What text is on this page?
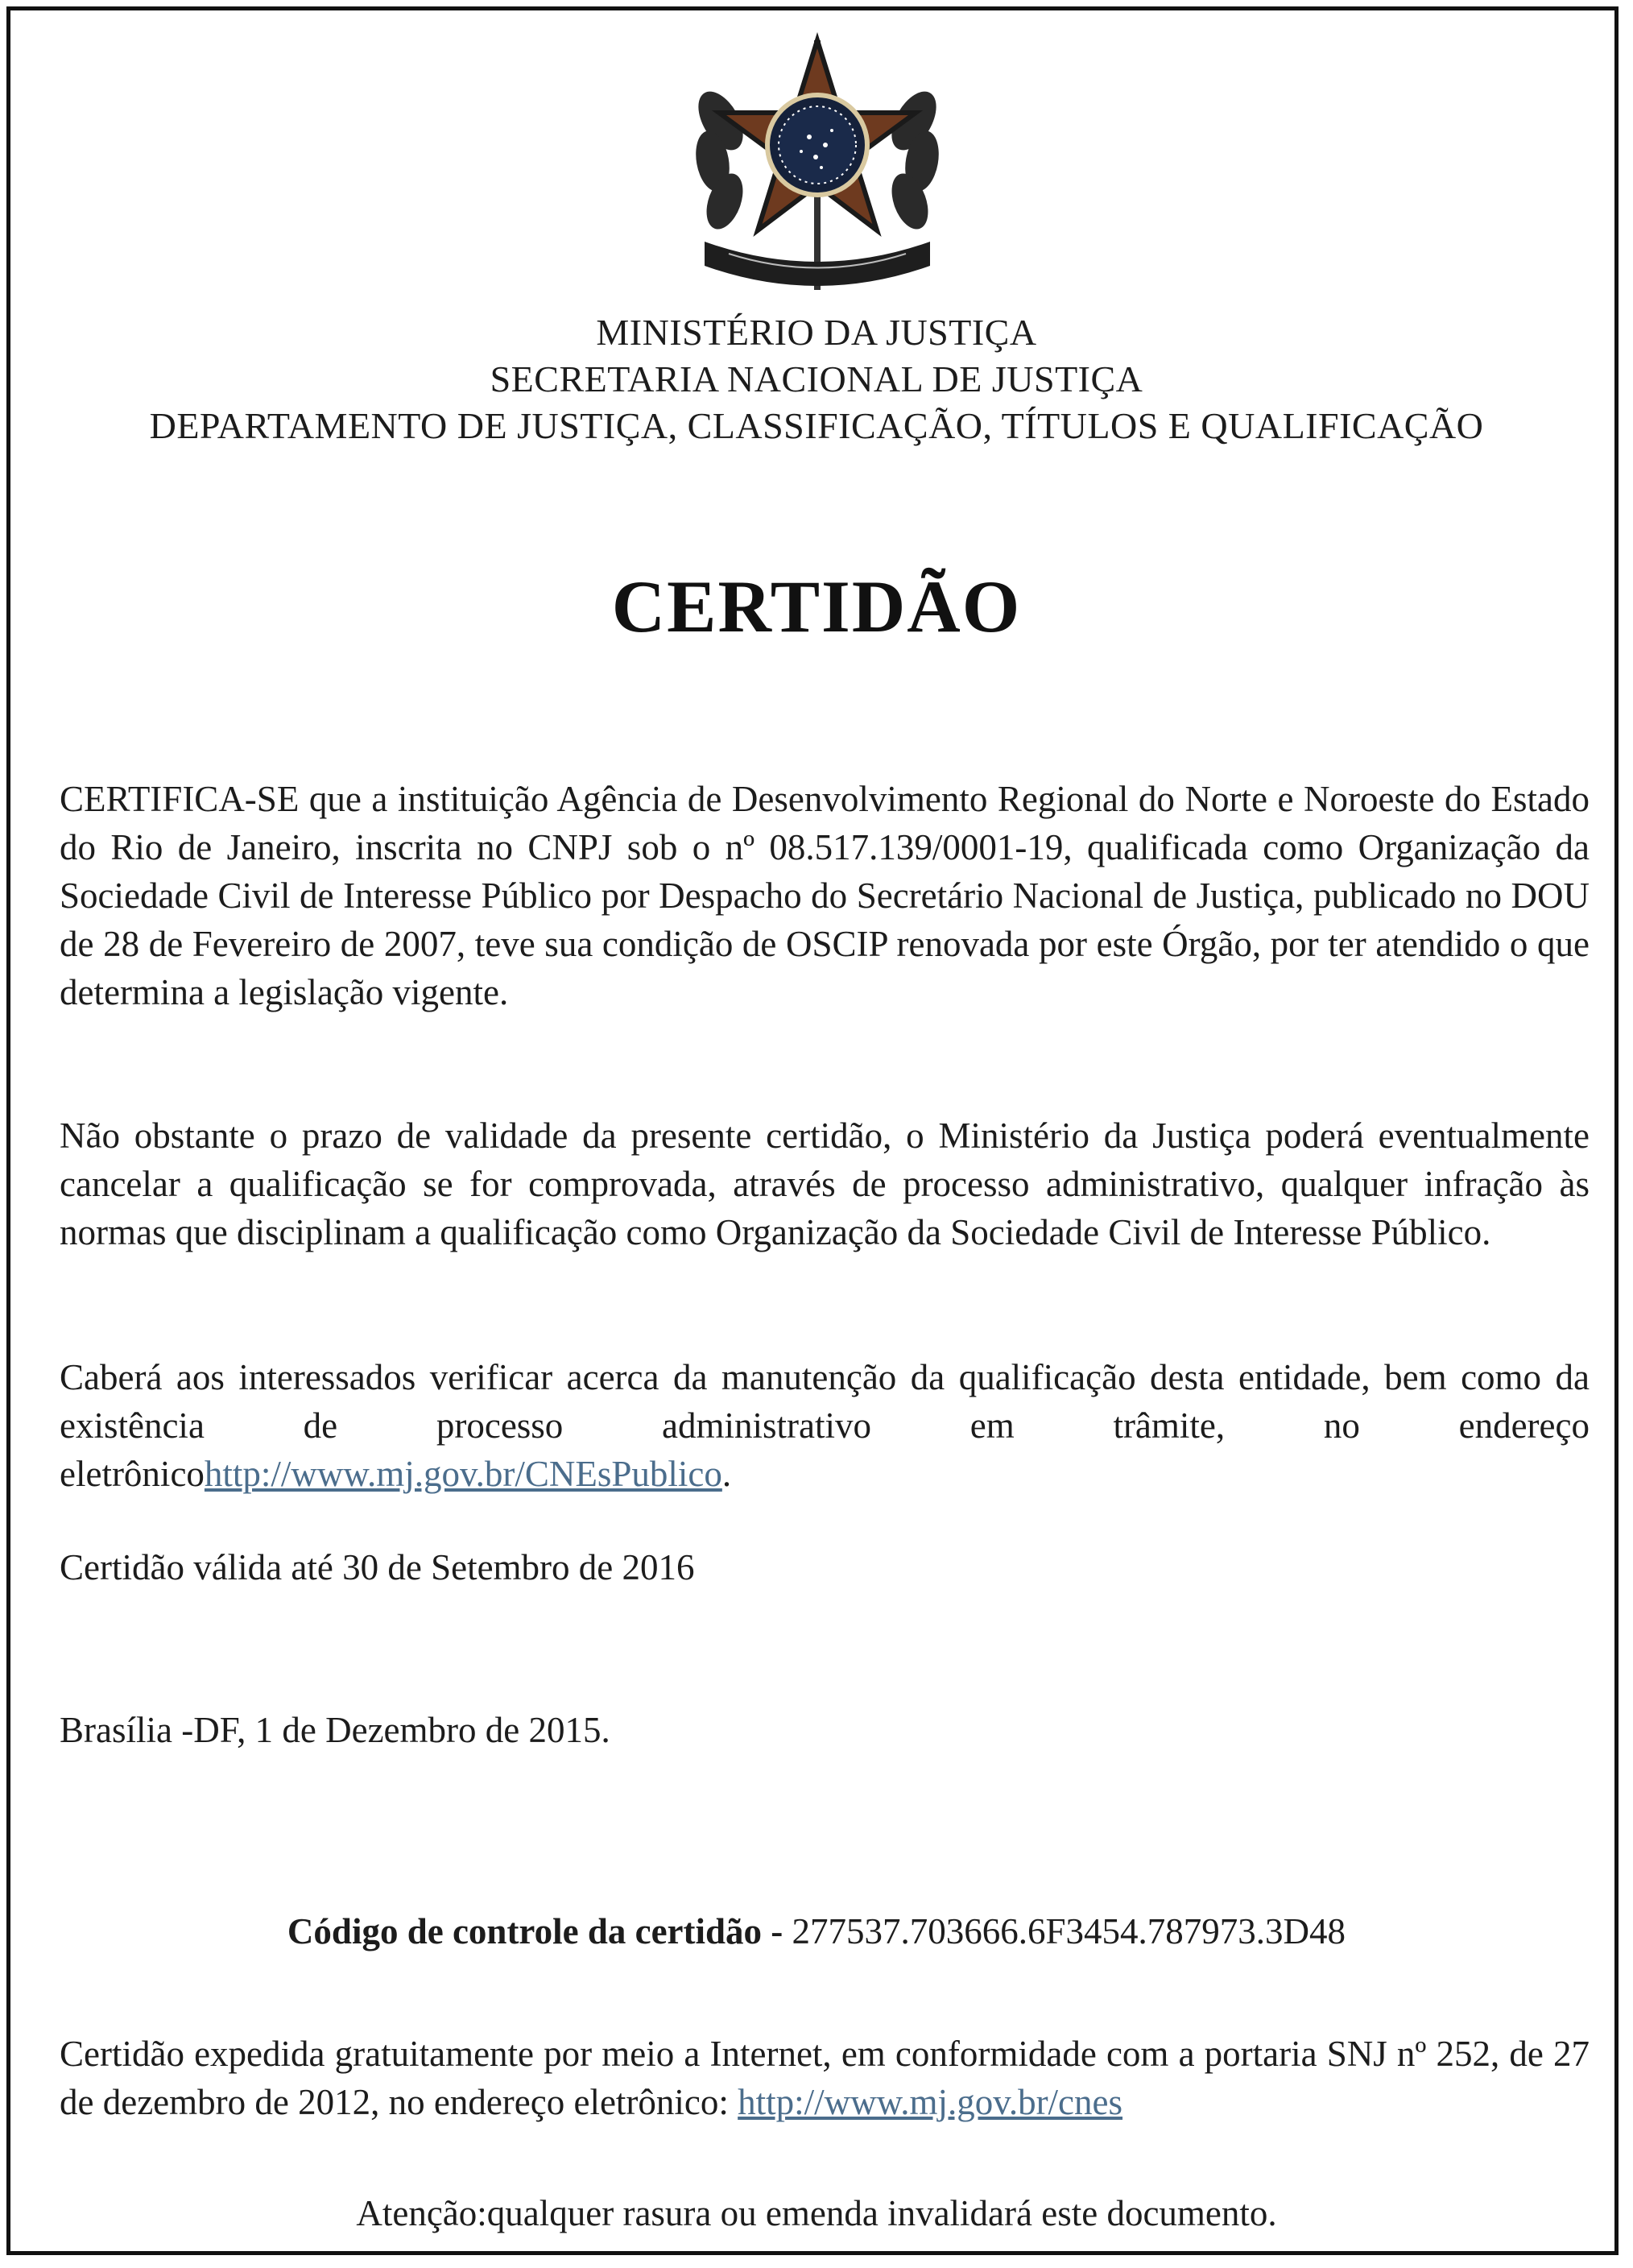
MINISTÉRIO DA JUSTIÇA
SECRETARIA NACIONAL DE JUSTIÇA
DEPARTAMENTO DE JUSTIÇA, CLASSIFICAÇÃO, TÍTULOS E QUALIFICAÇÃO
CERTIDÃO
CERTIFICA-SE que a instituição Agência de Desenvolvimento Regional do Norte e Noroeste do Estado do Rio de Janeiro, inscrita no CNPJ sob o nº 08.517.139/0001-19, qualificada como Organização da Sociedade Civil de Interesse Público por Despacho do Secretário Nacional de Justiça, publicado no DOU de 28 de Fevereiro de 2007, teve sua condição de OSCIP renovada por este Órgão, por ter atendido o que determina a legislação vigente.
Não obstante o prazo de validade da presente certidão, o Ministério da Justiça poderá eventualmente cancelar a qualificação se for comprovada, através de processo administrativo, qualquer infração às normas que disciplinam a qualificação como Organização da Sociedade Civil de Interesse Público.
Caberá aos interessados verificar acerca da manutenção da qualificação desta entidade, bem como da existência de processo administrativo em trâmite, no endereço eletrônicohttp://www.mj.gov.br/CNEsPublico.
Certidão válida até 30 de Setembro de 2016
Brasília -DF, 1 de Dezembro de 2015.
Código de controle da certidão - 277537.703666.6F3454.787973.3D48
Certidão expedida gratuitamente por meio a Internet, em conformidade com a portaria SNJ nº 252, de 27 de dezembro de 2012, no endereço eletrônico: http://www.mj.gov.br/cnes
Atenção:qualquer rasura ou emenda invalidará este documento.
